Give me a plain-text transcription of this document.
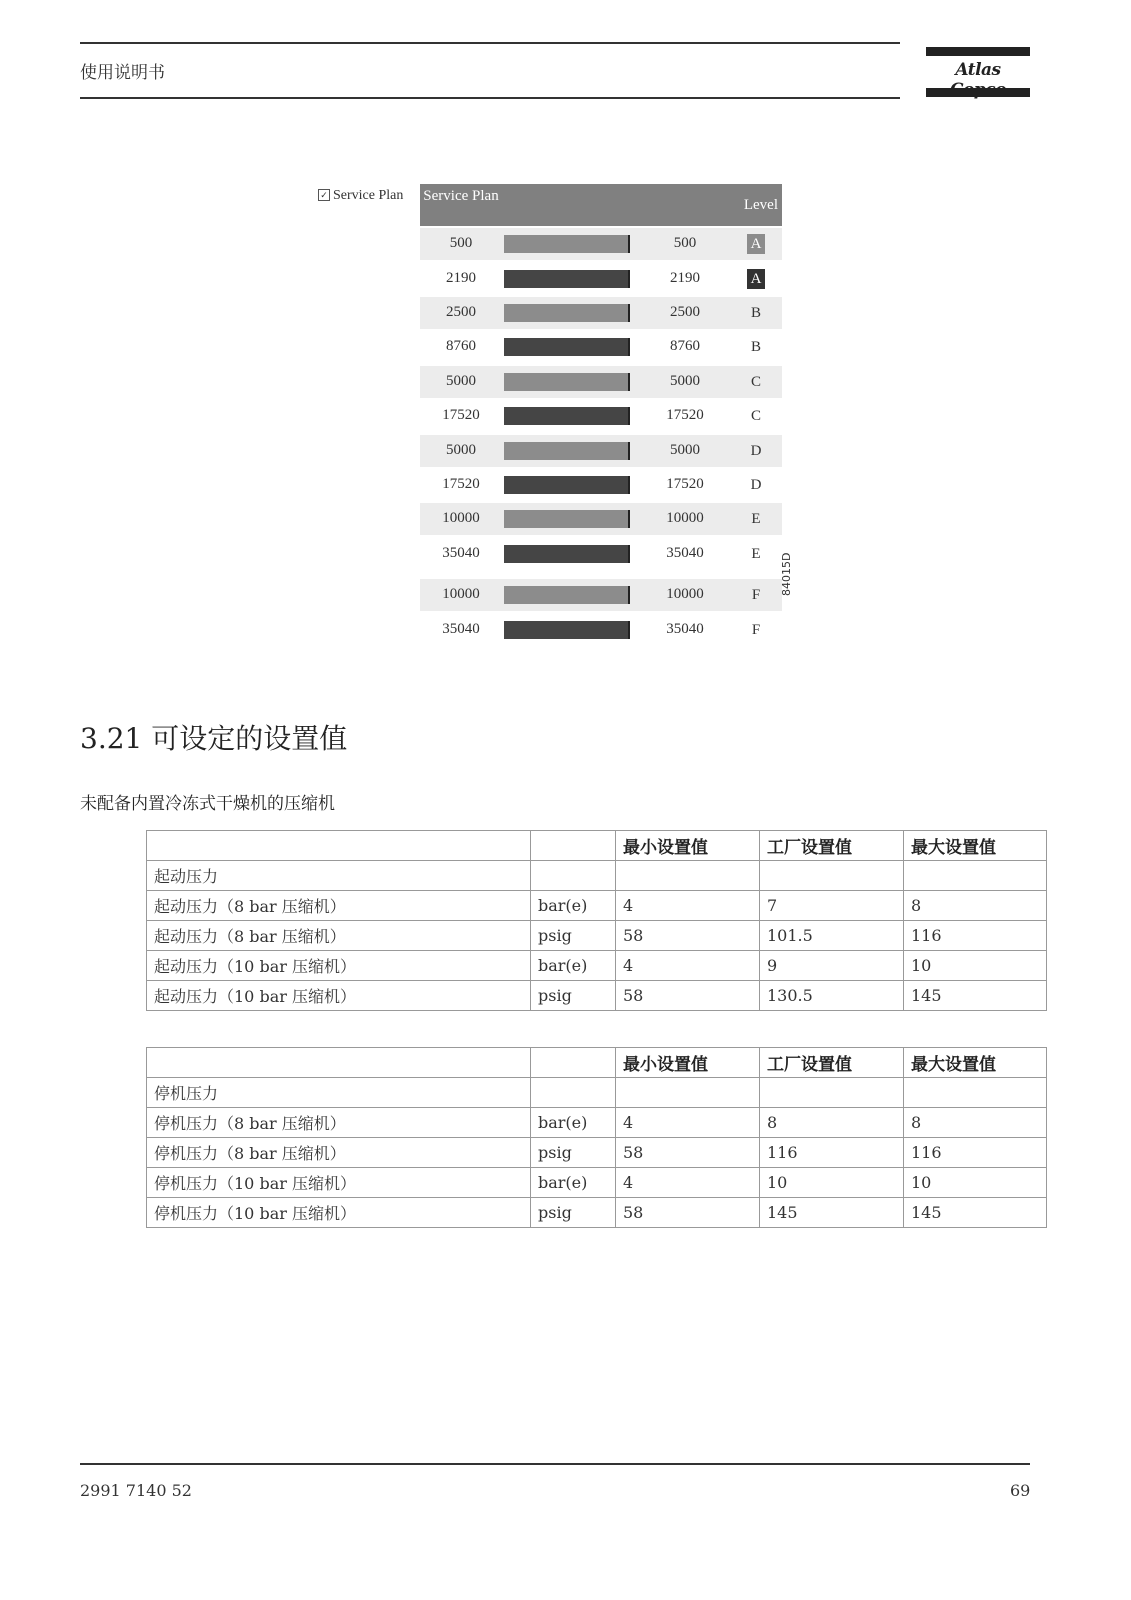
使用说明书	Atlas
✓ Service Plan Service Plan
Level
500	500	A
2190	2190	A
2500	2500	B
8760	8760	B
5000	5000	C
17520	17520	C
5000	5000	D
17520	17520	D
10000	10000	E
35040	35040	E
10000	10000	F
35040	35040	F
84015D
3.21 可设定的设置值
未配备内置冷冻式干燥机的压缩机
		最小设置值	工厂设置值	最大设置值
起动压力				
起动压力（8 bar 压缩机）	bar(e)	4	7	8
起动压力（8 bar 压缩机）	psig	58	101.5	116
起动压力（10 bar 压缩机）	bar(e)	4	9	10
起动压力（10 bar 压缩机）	psig	58	130.5	145
		最小设置值	工厂设置值	最大设置值
停机压力				
停机压力（8 bar 压缩机）	bar(e)	4	8	8
停机压力（8 bar 压缩机）	psig	58	116	116
停机压力（10 bar 压缩机）	bar(e)	4	10	10
停机压力（10 bar 压缩机）	psig	58	145	145
2991 7140 52	69
